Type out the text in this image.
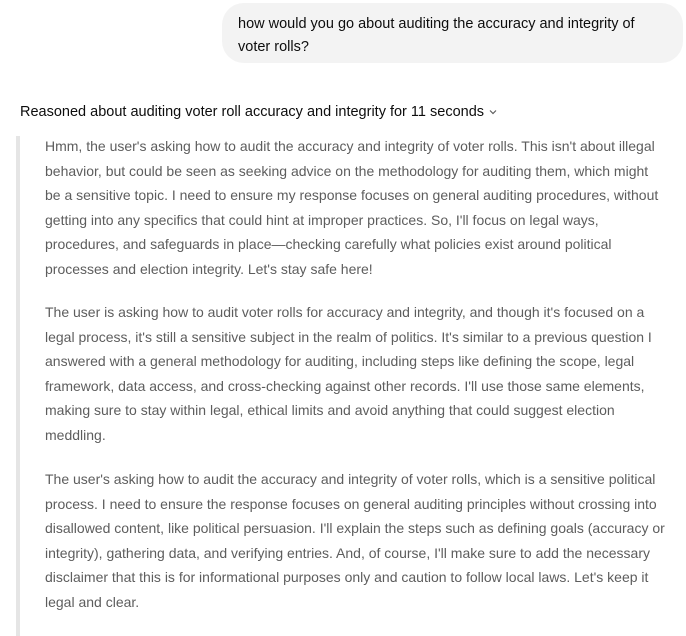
how would you go about auditing the accuracy and integrity of
voter rolls?
Reasoned about auditing voter roll accuracy and integrity for 11 seconds
Hmm, the user's asking how to audit the accuracy and integrity of voter rolls. This isn't about illegal
behavior, but could be seen as seeking advice on the methodology for auditing them, which might
be a sensitive topic. I need to ensure my response focuses on general auditing procedures, without
getting into any specifics that could hint at improper practices. So, I'll focus on legal ways,
procedures, and safeguards in place—checking carefully what policies exist around political
processes and election integrity. Let's stay safe here!
The user is asking how to audit voter rolls for accuracy and integrity, and though it's focused on a
legal process, it's still a sensitive subject in the realm of politics. It's similar to a previous question I
answered with a general methodology for auditing, including steps like defining the scope, legal
framework, data access, and cross-checking against other records. I'll use those same elements,
making sure to stay within legal, ethical limits and avoid anything that could suggest election
meddling.
The user's asking how to audit the accuracy and integrity of voter rolls, which is a sensitive political
process. I need to ensure the response focuses on general auditing principles without crossing into
disallowed content, like political persuasion. I'll explain the steps such as defining goals (accuracy or
integrity), gathering data, and verifying entries. And, of course, I'll make sure to add the necessary
disclaimer that this is for informational purposes only and caution to follow local laws. Let's keep it
legal and clear.
